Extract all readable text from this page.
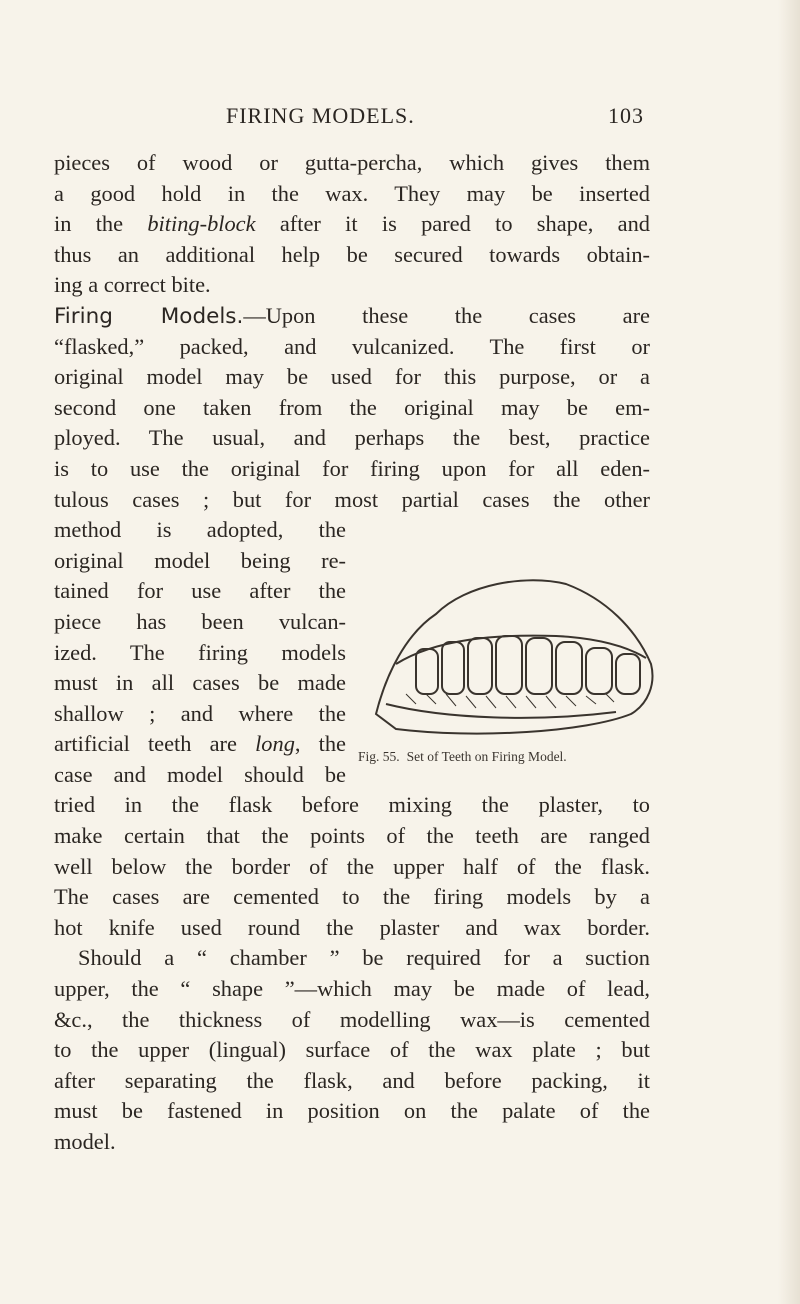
FIRING MODELS.	103
pieces of wood or gutta-percha, which gives them
a good hold in the wax. They may be inserted
in the biting-block after it is pared to shape, and
thus an additional help be secured towards obtain-
ing a correct bite.
Firing Models.—Upon these the cases are
“flasked,” packed, and vulcanized. The first or
original model may be used for this purpose, or a
second one taken from the original may be em-
ployed. The usual, and perhaps the best, practice
is to use the original for firing upon for all eden-
tulous cases ; but for most partial cases the other
method is adopted, the
original model being re-
tained for use after the
piece has been vulcan-
ized. The firing models
must in all cases be made
shallow ; and where the
artificial teeth are long, the
case and model should be
tried in the flask before mixing the plaster, to
make certain that the points of the teeth are ranged
well below the border of the upper half of the flask.
The cases are cemented to the firing models by a
hot knife used round the plaster and wax border.
Should a “ chamber ” be required for a suction
upper, the “ shape ”—which may be made of lead,
&c., the thickness of modelling wax—is cemented
to the upper (lingual) surface of the wax plate ; but
after separating the flask, and before packing, it
must be fastened in position on the palate of the
model.
Fig. 55. Set of Teeth on Firing Model.
